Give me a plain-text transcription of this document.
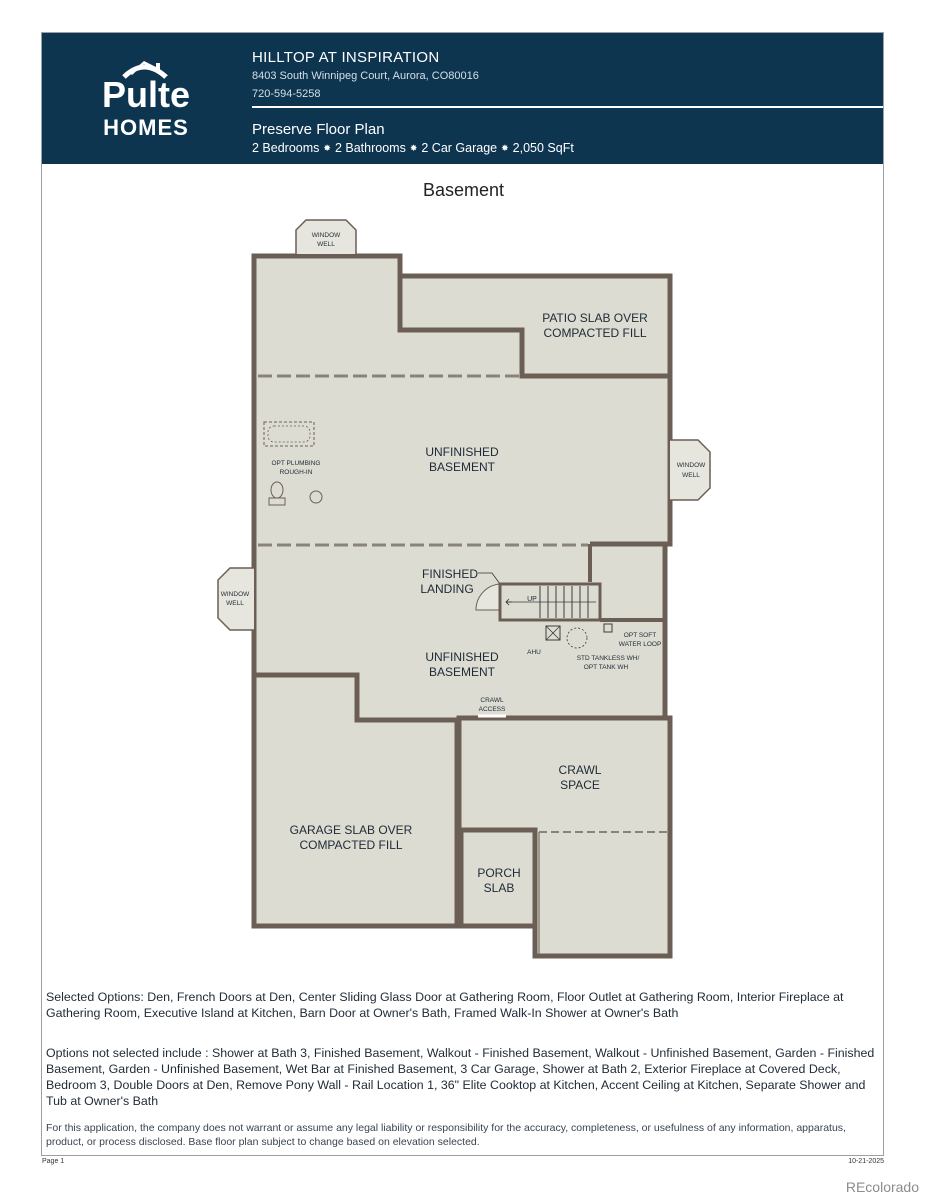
Pulte
HOMES
HILLTOP AT INSPIRATION
8403 South Winnipeg Court, Aurora, CO80016
720-594-5258
Preserve Floor Plan
2 Bedrooms ✸ 2 Bathrooms ✸ 2 Car Garage ✸ 2,050 SqFt
Basement
WINDOW
WELL
WINDOW
WELL
WINDOW
WELL
PATIO SLAB OVER
COMPACTED FILL
UNFINISHED
BASEMENT
OPT PLUMBING
ROUGH-IN
FINISHED
LANDING
UP
AHU
OPT SOFT
WATER LOOP
STD TANKLESS WH/
OPT TANK WH
UNFINISHED
BASEMENT
CRAWL
ACCESS
CRAWL
SPACE
GARAGE SLAB OVER
COMPACTED FILL
PORCH
SLAB
Selected Options: Den, French Doors at Den, Center Sliding Glass Door at Gathering Room, Floor Outlet at Gathering Room, Interior Fireplace at Gathering Room, Executive Island at Kitchen, Barn Door at Owner's Bath, Framed Walk-In Shower at Owner's Bath
Options not selected include : Shower at Bath 3, Finished Basement, Walkout - Finished Basement, Walkout - Unfinished Basement, Garden - Finished Basement, Garden - Unfinished Basement, Wet Bar at Finished Basement, 3 Car Garage, Shower at Bath 2, Exterior Fireplace at Covered Deck, Bedroom 3, Double Doors at Den, Remove Pony Wall - Rail Location 1, 36" Elite Cooktop at Kitchen, Accent Ceiling at Kitchen, Separate Shower and Tub at Owner's Bath
For this application, the company does not warrant or assume any legal liability or responsibility for the accuracy, completeness, or usefulness of any information, apparatus, product, or process disclosed. Base floor plan subject to change based on elevation selected.
Page 1	10-21-2025
REcolorado
